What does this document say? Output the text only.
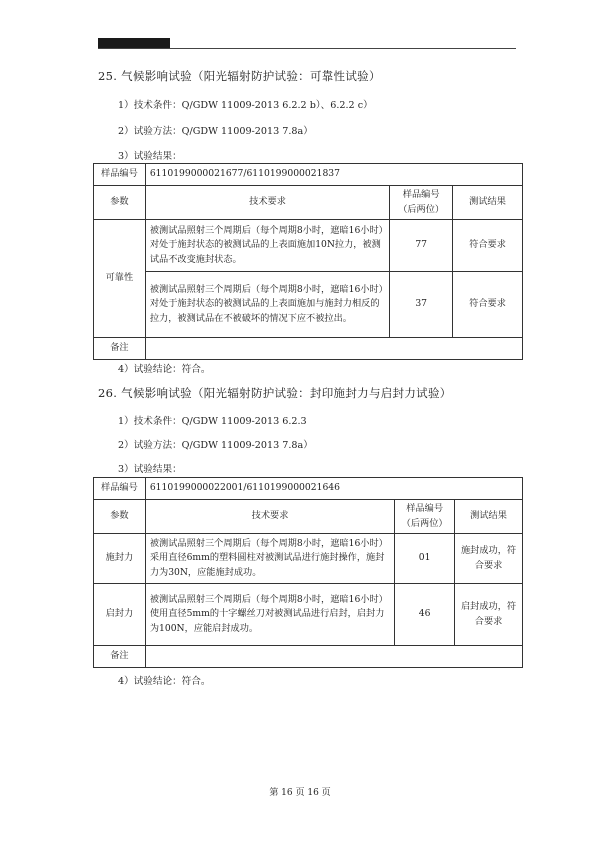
25. 气候影响试验（阳光辐射防护试验：可靠性试验）
1）技术条件：Q/GDW 11009-2013 6.2.2 b）、6.2.2 c）
2）试验方法：Q/GDW 11009-2013 7.8a）
3）试验结果：
样品编号	6110199000021677/6110199000021837		
参数	技术要求	样品编号（后两位）	测试结果
可靠性	被测试品照射三个周期后（每个周期8小时，遮暗16小时）对处于施封状态的被测试品的上表面施加10N拉力，被测试品不改变施封状态。	77	符合要求
	被测试品照射三个周期后（每个周期8小时，遮暗16小时）对处于施封状态的被测试品的上表面施加与施封力相反的拉力，被测试品在不被破坏的情况下应不被拉出。	37	符合要求
备注			
4）试验结论：符合。
26. 气候影响试验（阳光辐射防护试验：封印施封力与启封力试验）
1）技术条件：Q/GDW 11009-2013 6.2.3
2）试验方法：Q/GDW 11009-2013 7.8a）
3）试验结果：
样品编号	6110199000022001/6110199000021646		
参数	技术要求	样品编号（后两位）	测试结果
施封力	被测试品照射三个周期后（每个周期8小时，遮暗16小时）采用直径6mm的塑料圆柱对被测试品进行施封操作，施封力为30N，应能施封成功。	01	施封成功，符合要求
启封力	被测试品照射三个周期后（每个周期8小时，遮暗16小时）使用直径5mm的十字螺丝刀对被测试品进行启封，启封力为100N，应能启封成功。	46	启封成功，符合要求
备注			
4）试验结论：符合。
第 16 页 16 页
